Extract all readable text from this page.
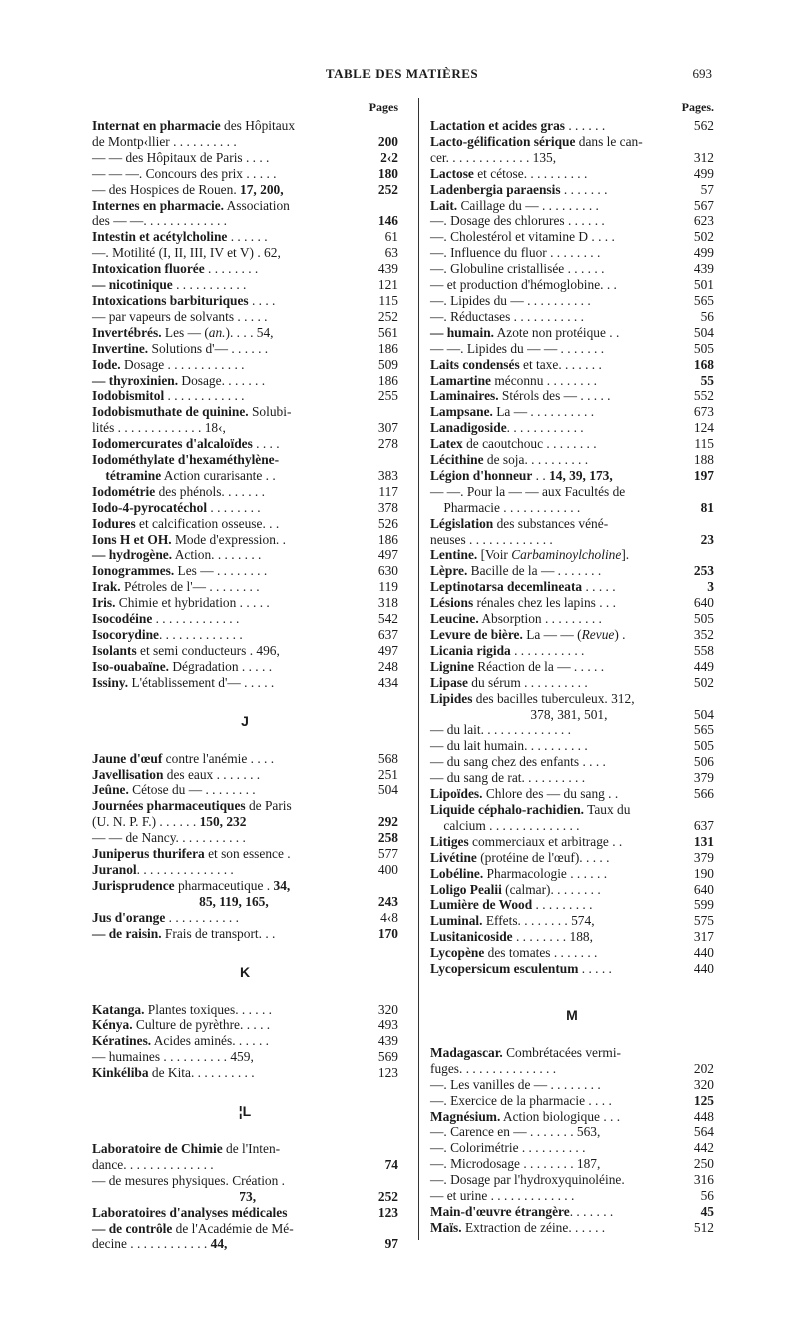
TABLE DES MATIÈRES	693
Pages
Internat en pharmacie des Hôpitaux
de Montp‹llier . . . . . . . . . .	200
— — des Hôpitaux de Paris . . . .	2‹2
— — —. Concours des prix . . . . .	180
— des Hospices de Rouen. 17, 200,	252
Internes en pharmacie. Association
des — —. . . . . . . . . . . . .	146
Intestin et acétylcholine . . . . . .	61
—. Motilité (I, II, III, IV et V) . 62,	63
Intoxication fluorée . . . . . . . .	439
— nicotinique . . . . . . . . . . .	121
Intoxications barbituriques . . . .	115
— par vapeurs de solvants . . . . .	252
Invertébrés. Les — (an.). . . . 54,	561
Invertine. Solutions d'— . . . . . .	186
Iode. Dosage . . . . . . . . . . . .	509
— thyroxinien. Dosage. . . . . . .	186
Iodobismitol . . . . . . . . . . . .	255
Iodobismuthate de quinine. Solubi-
lités . . . . . . . . . . . . . 18‹,	307
Iodomercurates d'alcaloïdes . . . .	278
Iodométhylate d'hexaméthylène-
tétramine Action curarisante . .	383
Iodométrie des phénols. . . . . . .	117
Iodo-4-pyrocatéchol . . . . . . . .	378
Iodures et calcification osseuse. . .	526
Ions H et OH. Mode d'expression. .	186
— hydrogène. Action. . . . . . . .	497
Ionogrammes. Les — . . . . . . . .	630
Irak. Pétroles de l'— . . . . . . . .	119
Iris. Chimie et hybridation . . . . .	318
Isocodéine . . . . . . . . . . . . .	542
Isocorydine. . . . . . . . . . . . .	637
Isolants et semi conducteurs . 496,	497
Iso-ouabaïne. Dégradation . . . . .	248
Issiny. L'établissement d'— . . . . .	434
J
Jaune d'œuf contre l'anémie . . . .	568
Javellisation des eaux . . . . . . .	251
Jeûne. Cétose du — . . . . . . . .	504
Journées pharmaceutiques de Paris
(U. N. P. F.) . . . . . . 150, 232	292
— — de Nancy. . . . . . . . . . .	258
Juniperus thurifera et son essence .	577
Juranol. . . . . . . . . . . . . . .	400
Jurisprudence pharmaceutique . 34,
85, 119, 165,	243
Jus d'orange . . . . . . . . . . .	4‹8
— de raisin. Frais de transport. . .	170
K
Katanga. Plantes toxiques. . . . . .	320
Kénya. Culture de pyrèthre. . . . .	493
Kératines. Acides aminés. . . . . .	439
— humaines . . . . . . . . . . 459,	569
Kinkéliba de Kita. . . . . . . . . .	123
¦L
Laboratoire de Chimie de l'Inten-
dance. . . . . . . . . . . . . .	74
— de mesures physiques. Création .
73,	252
Laboratoires d'analyses médicales	123
— de contrôle de l'Académie de Mé-
decine . . . . . . . . . . . . 44,	97
Pages.
Lactation et acides gras . . . . . .	562
Lacto-gélification sérique dans le can-
cer. . . . . . . . . . . . . 135,	312
Lactose et cétose. . . . . . . . . .	499
Ladenbergia paraensis . . . . . . .	57
Lait. Caillage du — . . . . . . . . .	567
—. Dosage des chlorures . . . . . .	623
—. Cholestérol et vitamine D . . . .	502
—. Influence du fluor . . . . . . . .	499
—. Globuline cristallisée . . . . . .	439
— et production d'hémoglobine. . .	501
—. Lipides du — . . . . . . . . . .	565
—. Réductases . . . . . . . . . . .	56
— humain. Azote non protéique . .	504
— —. Lipides du — — . . . . . . .	505
Laits condensés et taxe. . . . . . .	168
Lamartine méconnu . . . . . . . .	55
Laminaires. Stérols des — . . . . .	552
Lampsane. La — . . . . . . . . . .	673
Lanadigoside. . . . . . . . . . . .	124
Latex de caoutchouc . . . . . . . .	115
Lécithine de soja. . . . . . . . . .	188
Légion d'honneur . . 14, 39, 173,	197
— —. Pour la — — aux Facultés de
Pharmacie . . . . . . . . . . . .	81
Législation des substances véné-
neuses . . . . . . . . . . . . .	23
Lentine. [Voir Carbaminoylcholine].
Lèpre. Bacille de la — . . . . . . .	253
Leptinotarsa decemlineata . . . . .	3
Lésions rénales chez les lapins . . .	640
Leucine. Absorption . . . . . . . . .	505
Levure de bière. La — — (Revue) .	352
Licania rigida . . . . . . . . . . .	558
Lignine Réaction de la — . . . . .	449
Lipase du sérum . . . . . . . . . .	502
Lipides des bacilles tuberculeux. 312,
378, 381, 501,	504
— du lait. . . . . . . . . . . . . .	565
— du lait humain. . . . . . . . . .	505
— du sang chez des enfants . . . .	506
— du sang de rat. . . . . . . . . .	379
Lipoïdes. Chlore des — du sang . .	566
Liquide céphalo-rachidien. Taux du
calcium . . . . . . . . . . . . . .	637
Litiges commerciaux et arbitrage . .	131
Livétine (protéine de l'œuf). . . . .	379
Lobéline. Pharmacologie . . . . . .	190
Loligo Pealii (calmar). . . . . . . .	640
Lumière de Wood . . . . . . . . .	599
Luminal. Effets. . . . . . . . 574,	575
Lusitanicoside . . . . . . . . 188,	317
Lycopène des tomates . . . . . . .	440
Lycopersicum esculentum . . . . .	440
M
Madagascar. Combrétacées vermi-
fuges. . . . . . . . . . . . . . .	202
—. Les vanilles de — . . . . . . . .	320
—. Exercice de la pharmacie . . . .	125
Magnésium. Action biologique . . .	448
—. Carence en — . . . . . . . 563,	564
—. Colorimétrie . . . . . . . . . .	442
—. Microdosage . . . . . . . . 187,	250
—. Dosage par l'hydroxyquinoléine.	316
— et urine . . . . . . . . . . . . .	56
Main-d'œuvre étrangère. . . . . . .	45
Maïs. Extraction de zéine. . . . . .	512
